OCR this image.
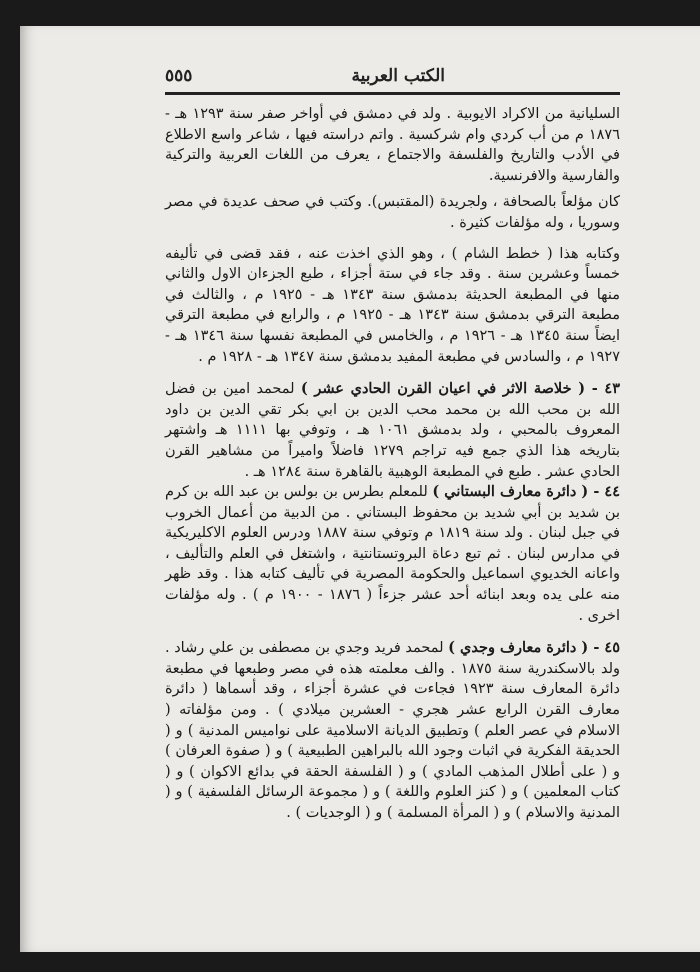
الكتب العربية
٥٥٥

السليانية من الاكراد الايوبية . ولد في دمشق في أواخر صفر سنة ١٢٩٣ هـ - ١٨٧٦ م من أب كردي وام شركسية . واتم دراسته فيها ، شاعر واسع الاطلاع في الأدب والتاريخ والفلسفة والاجتماع ، يعرف من اللغات العربية والتركية والفارسية والافرنسية.

كان مؤلعاً بالصحافة ، ولجريدة (المقتبس). وكتب في صحف عديدة في مصر وسوريا ، وله مؤلفات كثيرة .

وكتابه هذا ( خطط الشام ) ، وهو الذي اخذت عنه ، فقد قضى في تأليفه خمساً وعشرين سنة . وقد جاء في ستة أجزاء ، طبع الجزءان الاول والثاني منها في المطبعة الحديثة بدمشق سنة ١٣٤٣ هـ - ١٩٢٥ م ، والثالث في مطبعة الترقي بدمشق سنة ١٣٤٣ هـ - ١٩٢٥ م ، والرابع في مطبعة الترقي ايضاً سنة ١٣٤٥ هـ - ١٩٢٦ م ، والخامس في المطبعة نفسها سنة ١٣٤٦ هـ - ١٩٢٧ م ، والسادس في مطبعة المفيد بدمشق سنة ١٣٤٧ هـ - ١٩٢٨ م .

٤٣ - ( خلاصة الاثر في اعيان القرن الحادي عشر ) لمحمد امين بن فضل الله بن محب الله بن محمد محب الدين بن ابي بكر تقي الدين بن داود المعروف بالمحبي ، ولد بدمشق ١٠٦١ هـ ، وتوفي بها ١١١١ هـ واشتهر بتاريخه هذا الذي جمع فيه تراجم ١٢٧٩ فاضلاً واميراً من مشاهير القرن الحادي عشر . طبع في المطبعة الوهبية بالقاهرة سنة ١٢٨٤ هـ .

٤٤ - ( دائرة معارف البستاني ) للمعلم بطرس بن بولس بن عبد الله بن كرم بن شديد بن أبي شديد بن محفوظ البستاني . من الدبية من أعمال الخروب في جبل لبنان . ولد سنة ١٨١٩ م وتوفي سنة ١٨٨٧ ودرس العلوم الاكليريكية في مدارس لبنان . ثم تبع دعاة البروتستانتية ، واشتغل في العلم والتأليف ، واعانه الخديوي اسماعيل والحكومة المصرية في تأليف كتابه هذا . وقد ظهر منه على يده وبعد ابنائه أحد عشر جزءاً ( ١٨٧٦ - ١٩٠٠ م ) . وله مؤلفات اخرى .

٤٥ - ( دائرة معارف وجدي ) لمحمد فريد وجدي بن مصطفى بن علي رشاد . ولد بالاسكندرية سنة ١٨٧٥ . والف معلمته هذه في مصر وطبعها في مطبعة دائرة المعارف سنة ١٩٢٣ فجاءت في عشرة أجزاء ، وقد أسماها ( دائرة معارف القرن الرابع عشر هجري - العشرين ميلادي ) . ومن مؤلفاته ( الاسلام في عصر العلم ) وتطبيق الديانة الاسلامية على نواميس المدنية ) و ( الحديقة الفكرية في اثبات وجود الله بالبراهين الطبيعية ) و ( صفوة العرفان ) و ( على أطلال المذهب المادي ) و ( الفلسفة الحقة في بدائع الاكوان ) و ( كتاب المعلمين ) و ( كنز العلوم واللغة ) و ( مجموعة الرسائل الفلسفية ) و ( المدنية والاسلام ) و ( المرأة المسلمة ) و ( الوجديات ) .
